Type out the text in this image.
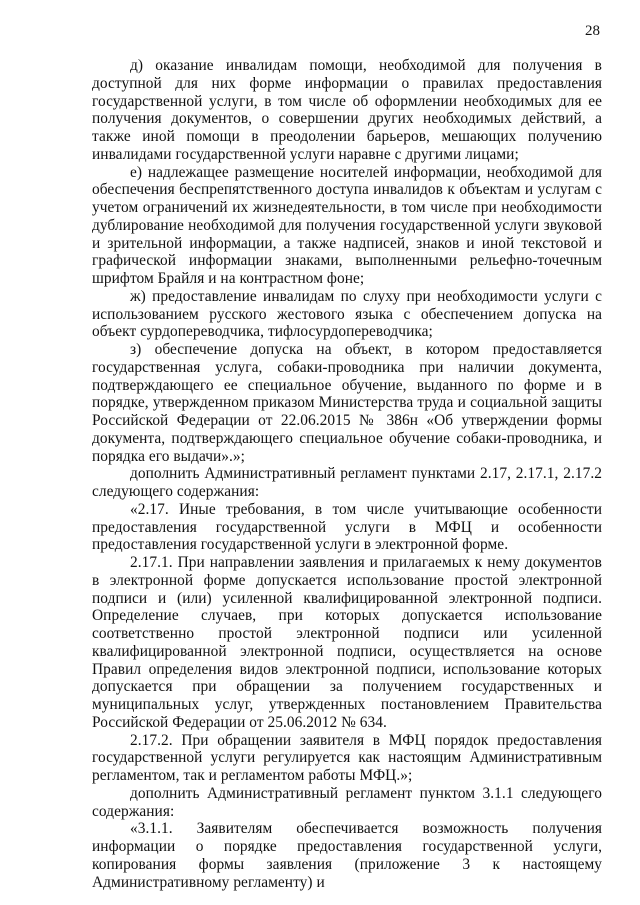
28

д) оказание инвалидам помощи, необходимой для получения в доступной для них форме информации о правилах предоставления государственной услуги, в том числе об оформлении необходимых для ее получения документов, о совершении других необходимых действий, а также иной помощи в преодолении барьеров, мешающих получению инвалидами государственной услуги наравне с другими лицами;

е) надлежащее размещение носителей информации, необходимой для обеспечения беспрепятственного доступа инвалидов к объектам и услугам с учетом ограничений их жизнедеятельности, в том числе при необходимости дублирование необходимой для получения государственной услуги звуковой и зрительной информации, а также надписей, знаков и иной текстовой и графической информации знаками, выполненными рельефно-точечным шрифтом Брайля и на контрастном фоне;

ж) предоставление инвалидам по слуху при необходимости услуги с использованием русского жестового языка с обеспечением допуска на объект сурдопереводчика, тифлосурдопереводчика;

з) обеспечение допуска на объект, в котором предоставляется государственная услуга, собаки-проводника при наличии документа, подтверждающего ее специальное обучение, выданного по форме и в порядке, утвержденном приказом Министерства труда и социальной защиты Российской Федерации от 22.06.2015 № 386н «Об утверждении формы документа, подтверждающего специальное обучение собаки-проводника, и порядка его выдачи».»;

дополнить Административный регламент пунктами 2.17, 2.17.1, 2.17.2 следующего содержания:

«2.17. Иные требования, в том числе учитывающие особенности предоставления государственной услуги в МФЦ и особенности предоставления государственной услуги в электронной форме.

2.17.1. При направлении заявления и прилагаемых к нему документов в электронной форме допускается использование простой электронной подписи и (или) усиленной квалифицированной электронной подписи. Определение случаев, при которых допускается использование соответственно простой электронной подписи или усиленной квалифицированной электронной подписи, осуществляется на основе Правил определения видов электронной подписи, использование которых допускается при обращении за получением государственных и муниципальных услуг, утвержденных постановлением Правительства Российской Федерации от 25.06.2012 № 634.

2.17.2. При обращении заявителя в МФЦ порядок предоставления государственной услуги регулируется как настоящим Административным регламентом, так и регламентом работы МФЦ.»;

дополнить Административный регламент пунктом 3.1.1 следующего содержания:

«3.1.1. Заявителям обеспечивается возможность получения информации о порядке предоставления государственной услуги, копирования формы заявления (приложение 3 к настоящему Административному регламенту) и
